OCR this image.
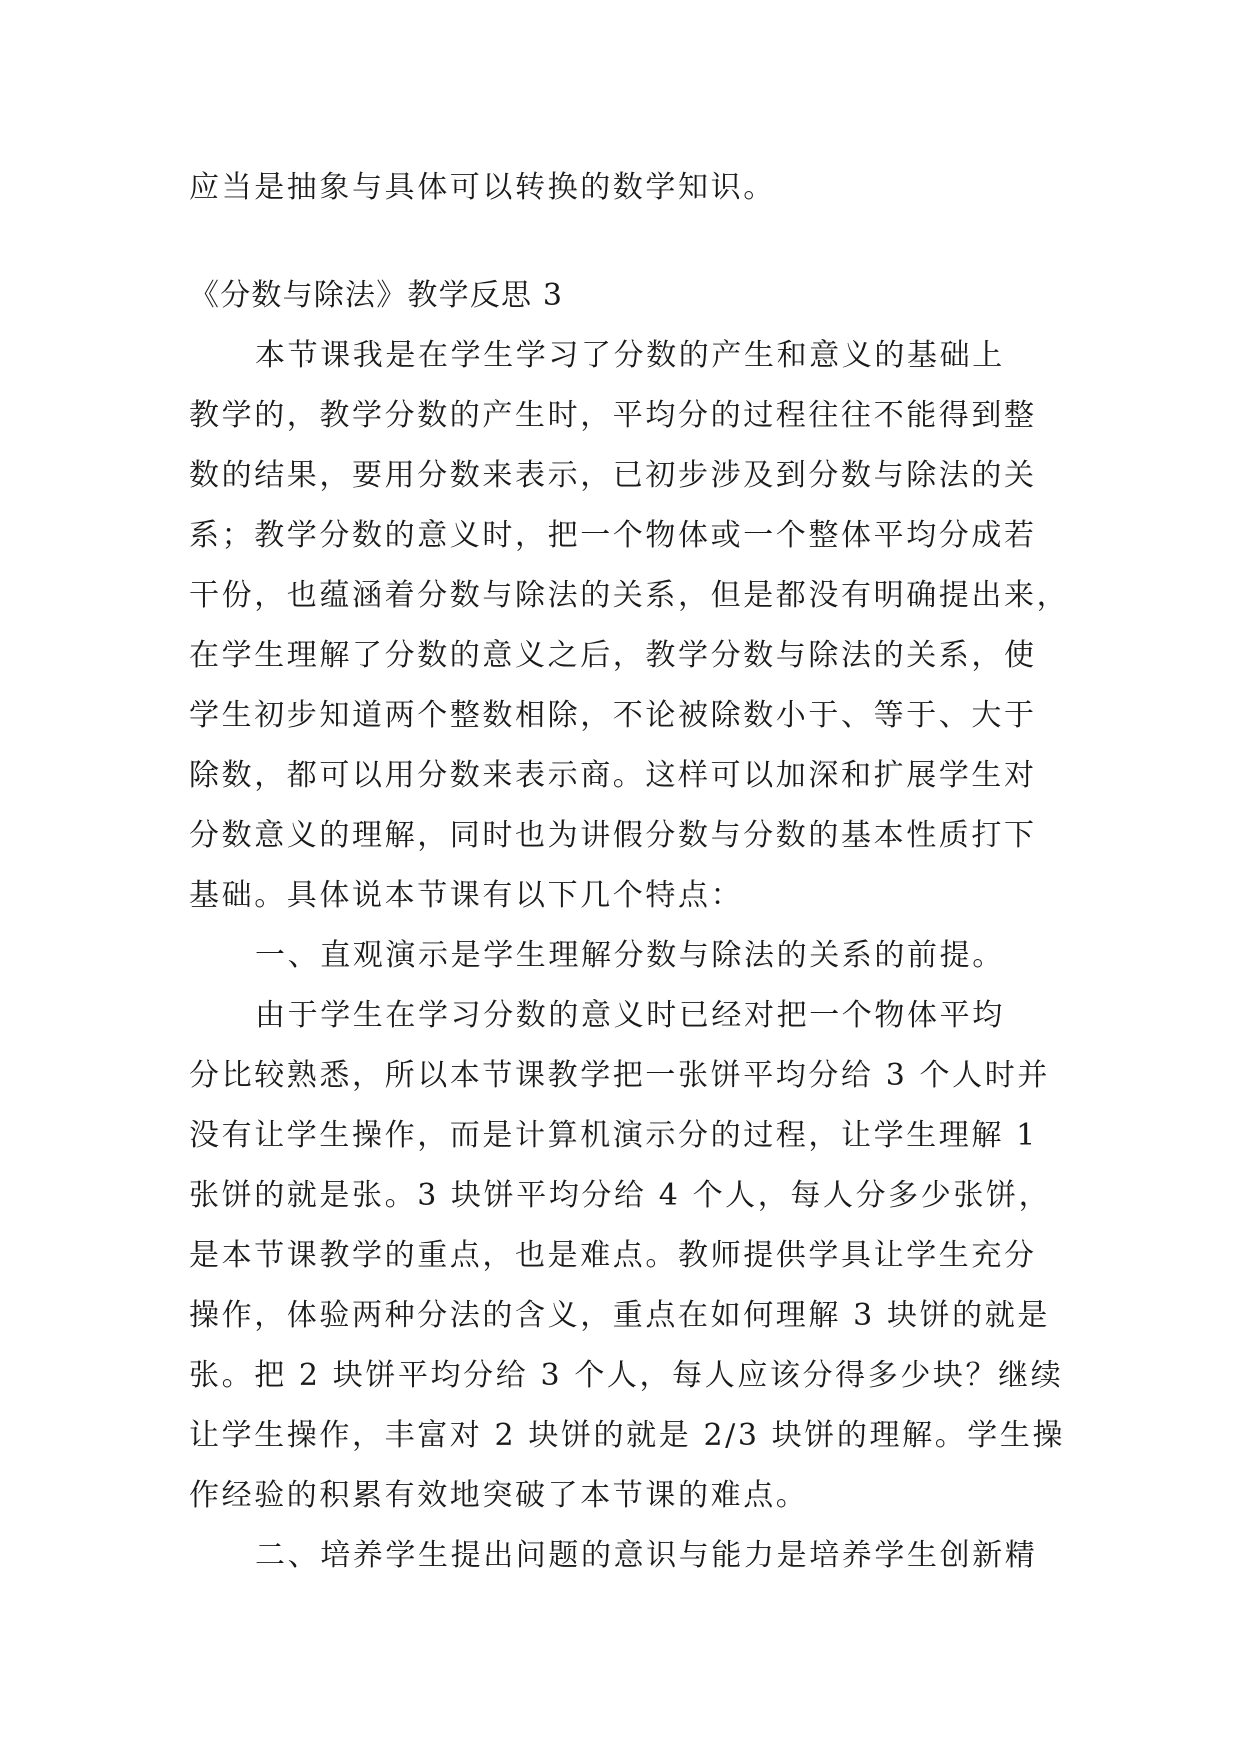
应当是抽象与具体可以转换的数学知识。
《分数与除法》教学反思 3
本节课我是在学生学习了分数的产生和意义的基础上
教学的，教学分数的产生时，平均分的过程往往不能得到整
数的结果，要用分数来表示，已初步涉及到分数与除法的关
系；教学分数的意义时，把一个物体或一个整体平均分成若
干份，也蕴涵着分数与除法的关系，但是都没有明确提出来，
在学生理解了分数的意义之后，教学分数与除法的关系，使
学生初步知道两个整数相除，不论被除数小于、等于、大于
除数，都可以用分数来表示商。这样可以加深和扩展学生对
分数意义的理解，同时也为讲假分数与分数的基本性质打下
基础。具体说本节课有以下几个特点：
一、直观演示是学生理解分数与除法的关系的前提。
由于学生在学习分数的意义时已经对把一个物体平均
分比较熟悉，所以本节课教学把一张饼平均分给 3 个人时并
没有让学生操作，而是计算机演示分的过程，让学生理解 1
张饼的就是张。3 块饼平均分给 4 个人，每人分多少张饼，
是本节课教学的重点，也是难点。教师提供学具让学生充分
操作，体验两种分法的含义，重点在如何理解 3 块饼的就是
张。把 2 块饼平均分给 3 个人，每人应该分得多少块？继续
让学生操作，丰富对 2 块饼的就是 2/3 块饼的理解。学生操
作经验的积累有效地突破了本节课的难点。
二、培养学生提出问题的意识与能力是培养学生创新精
